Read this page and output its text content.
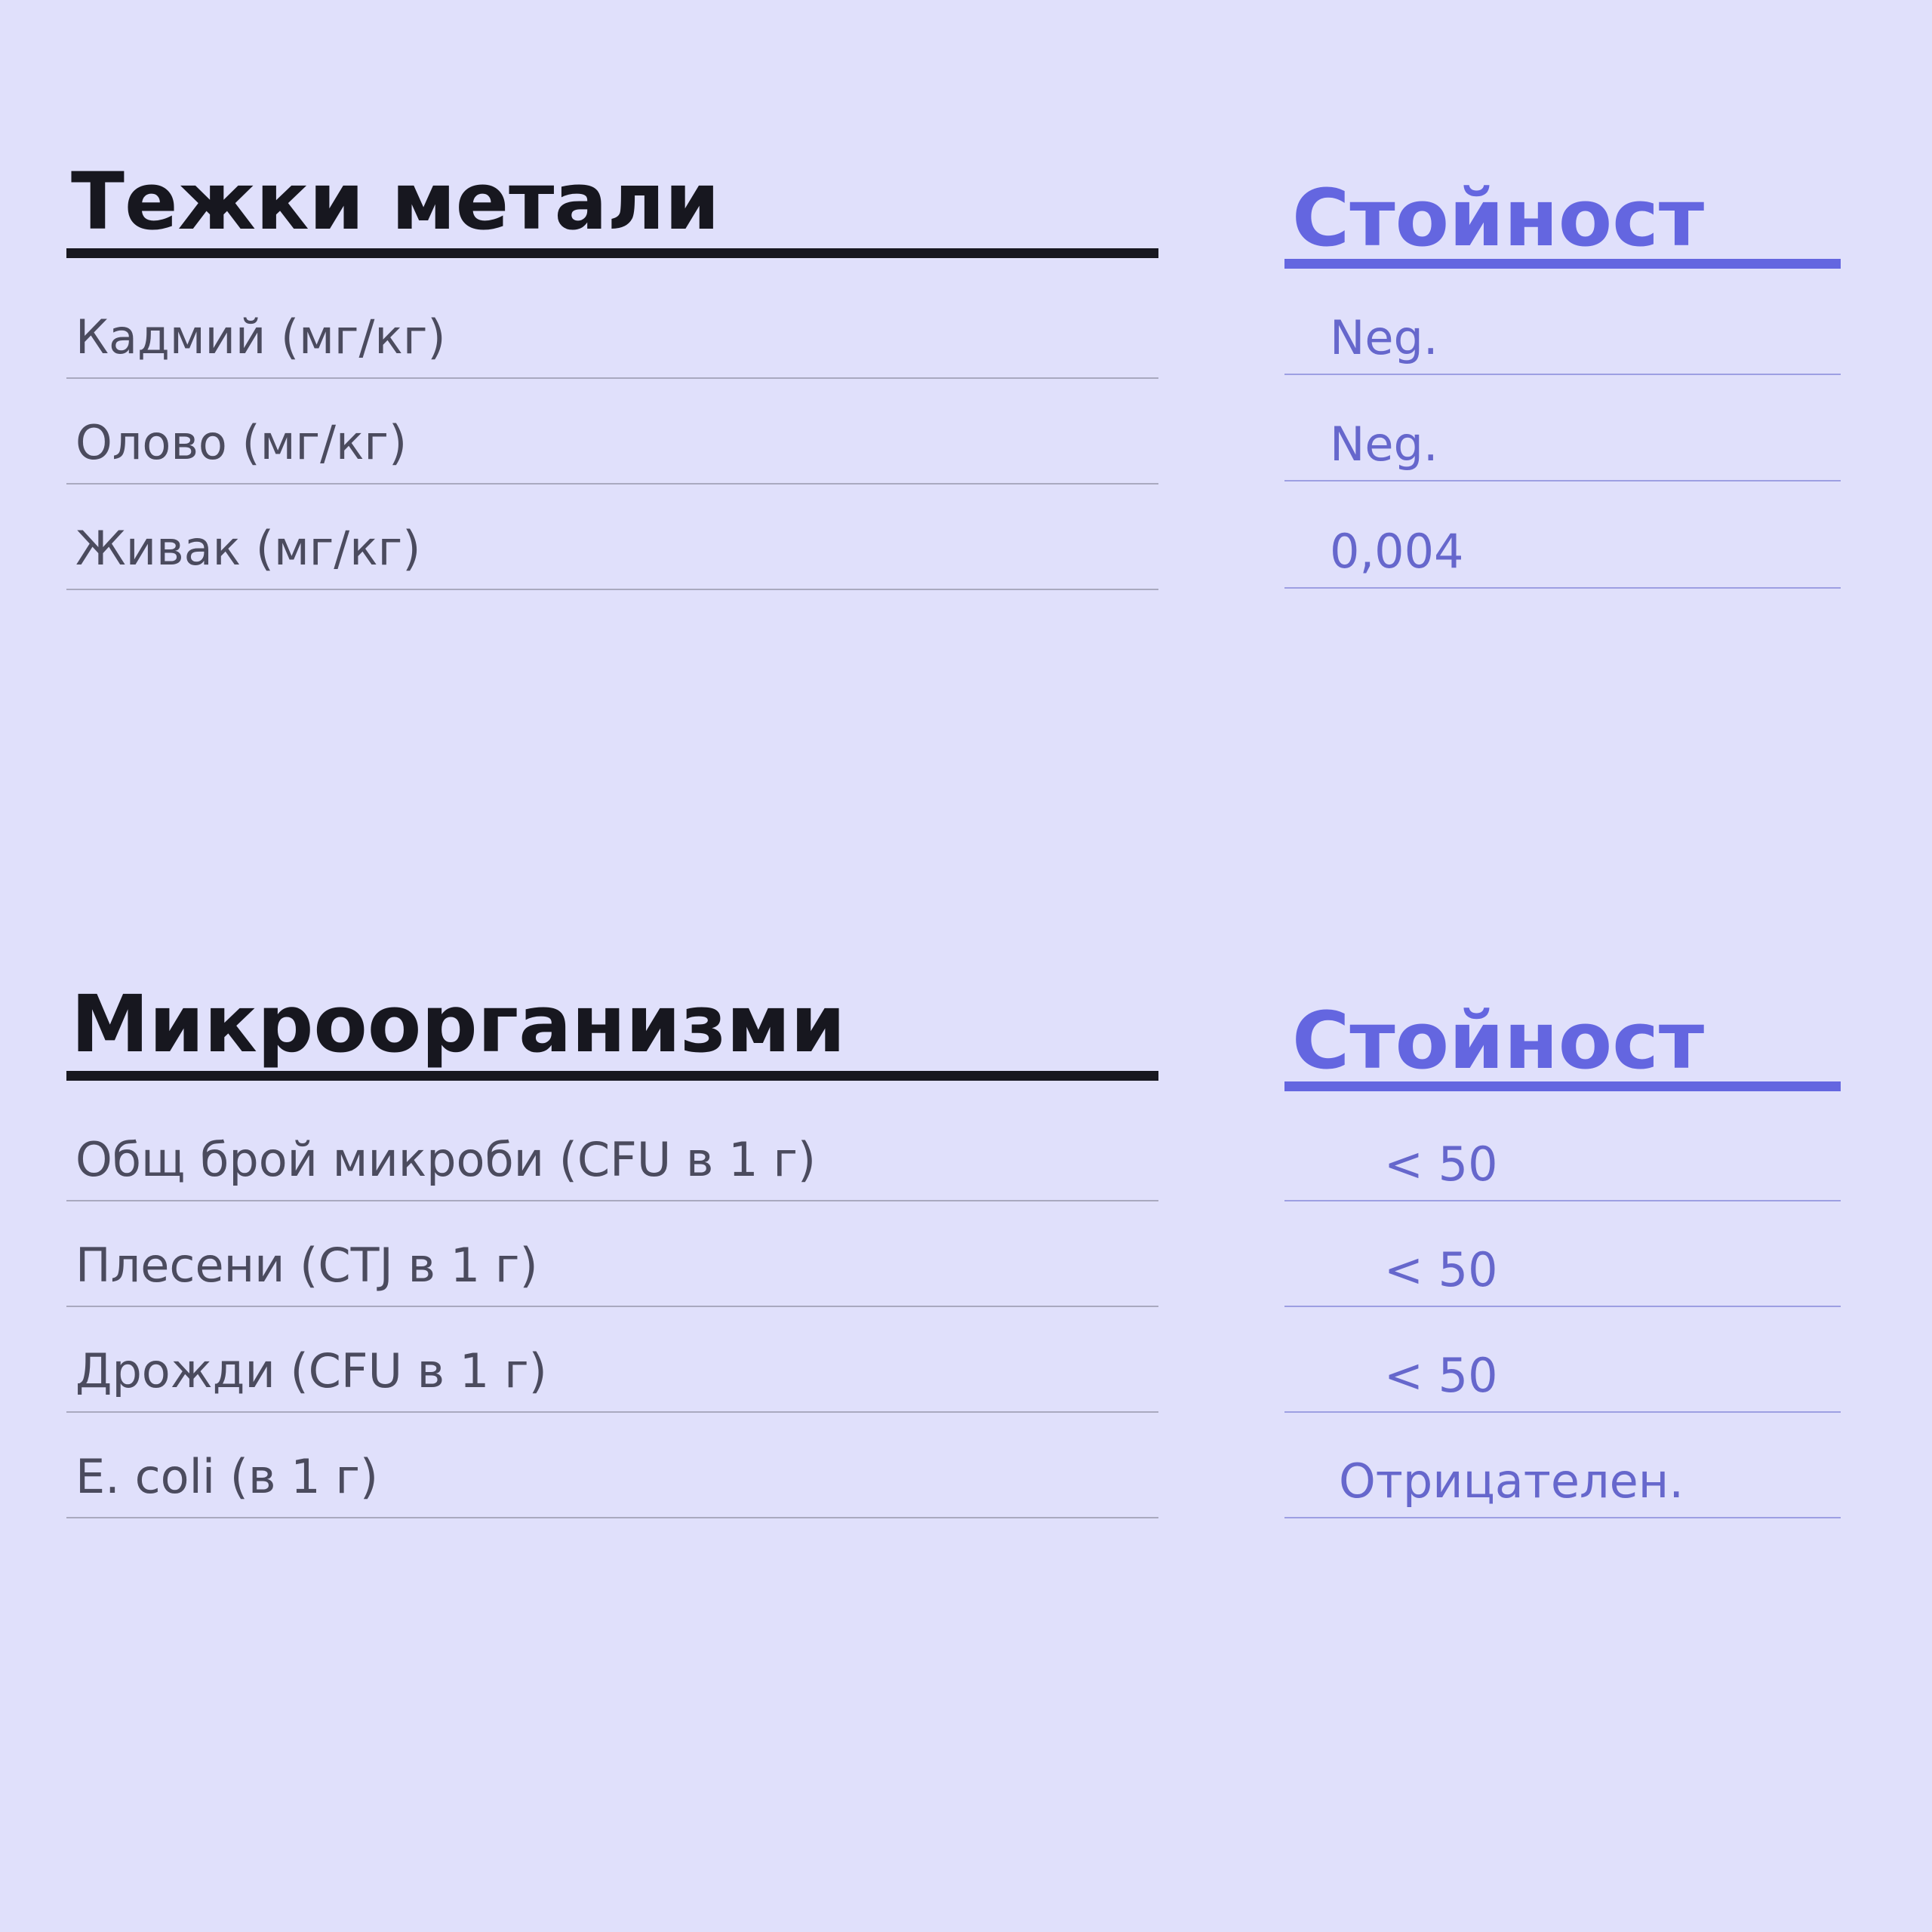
Тежки метали	Стойност
Кадмий (мг/кг)	Neg.
Олово (мг/кг)	Neg.
Живак (мг/кг)	0,004
Микроорганизми	Стойност
Общ брой микроби (CFU в 1 г)	< 50
Плесени (CTJ в 1 г)	< 50
Дрожди (CFU в 1 г)	< 50
E. coli (в 1 г)	Отрицателен.
